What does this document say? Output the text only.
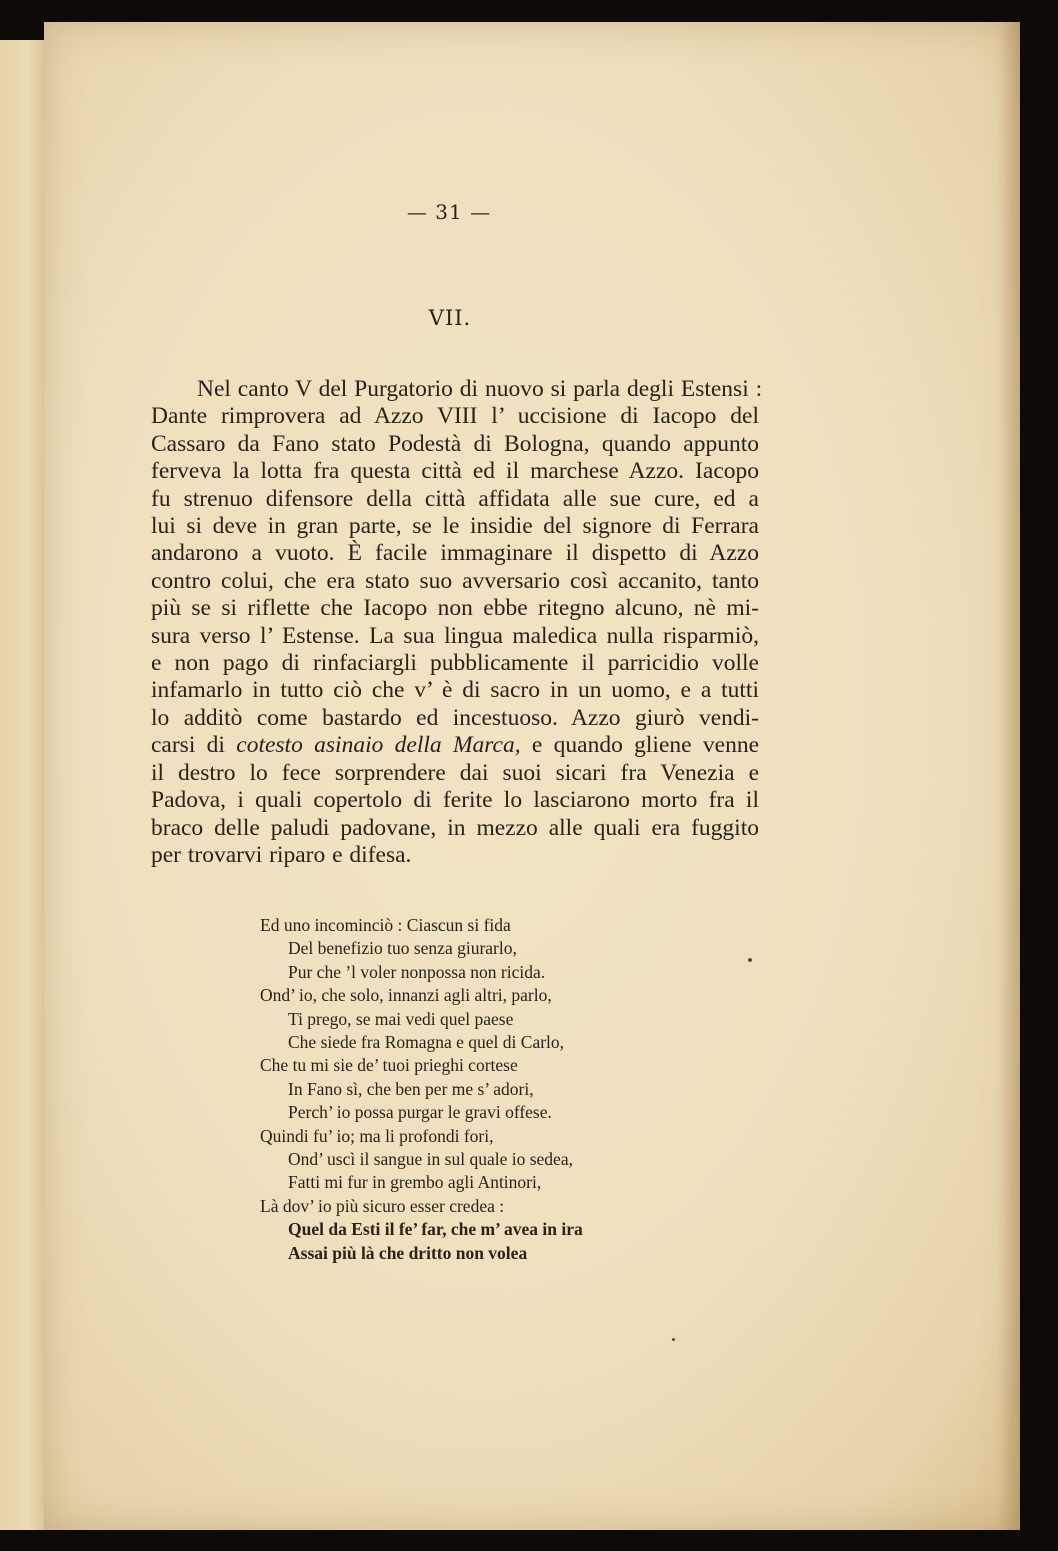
— 31 —
VII.
Nel canto V del Purgatorio di nuovo si parla degli Estensi :
Dante rimprovera ad Azzo VIII l’ uccisione di Iacopo del
Cassaro da Fano stato Podestà di Bologna, quando appunto
ferveva la lotta fra questa città ed il marchese Azzo. Iacopo
fu strenuo difensore della città affidata alle sue cure, ed a
lui si deve in gran parte, se le insidie del signore di Ferrara
andarono a vuoto. È facile immaginare il dispetto di Azzo
contro colui, che era stato suo avversario così accanito, tanto
più se si riflette che Iacopo non ebbe ritegno alcuno, nè mi-
sura verso l’ Estense. La sua lingua maledica nulla risparmiò,
e non pago di rinfaciargli pubblicamente il parricidio volle
infamarlo in tutto ciò che v’ è di sacro in un uomo, e a tutti
lo additò come bastardo ed incestuoso. Azzo giurò vendi-
carsi di cotesto asinaio della Marca, e quando gliene venne
il destro lo fece sorprendere dai suoi sicari fra Venezia e
Padova, i quali copertolo di ferite lo lasciarono morto fra il
braco delle paludi padovane, in mezzo alle quali era fuggito
per trovarvi riparo e difesa.
Ed uno incominciò : Ciascun si fida
Del benefizio tuo senza giurarlo,
Pur che ’l voler nonpossa non ricida.
Ond’ io, che solo, innanzi agli altri, parlo,
Ti prego, se mai vedi quel paese
Che siede fra Romagna e quel di Carlo,
Che tu mi sie de’ tuoi prieghi cortese
In Fano sì, che ben per me s’ adori,
Perch’ io possa purgar le gravi offese.
Quindi fu’ io; ma li profondi fori,
Ond’ uscì il sangue in sul quale io sedea,
Fatti mi fur in grembo agli Antinori,
Là dov’ io più sicuro esser credea :
Quel da Esti il fe’ far, che m’ avea in ira
Assai più là che dritto non volea
